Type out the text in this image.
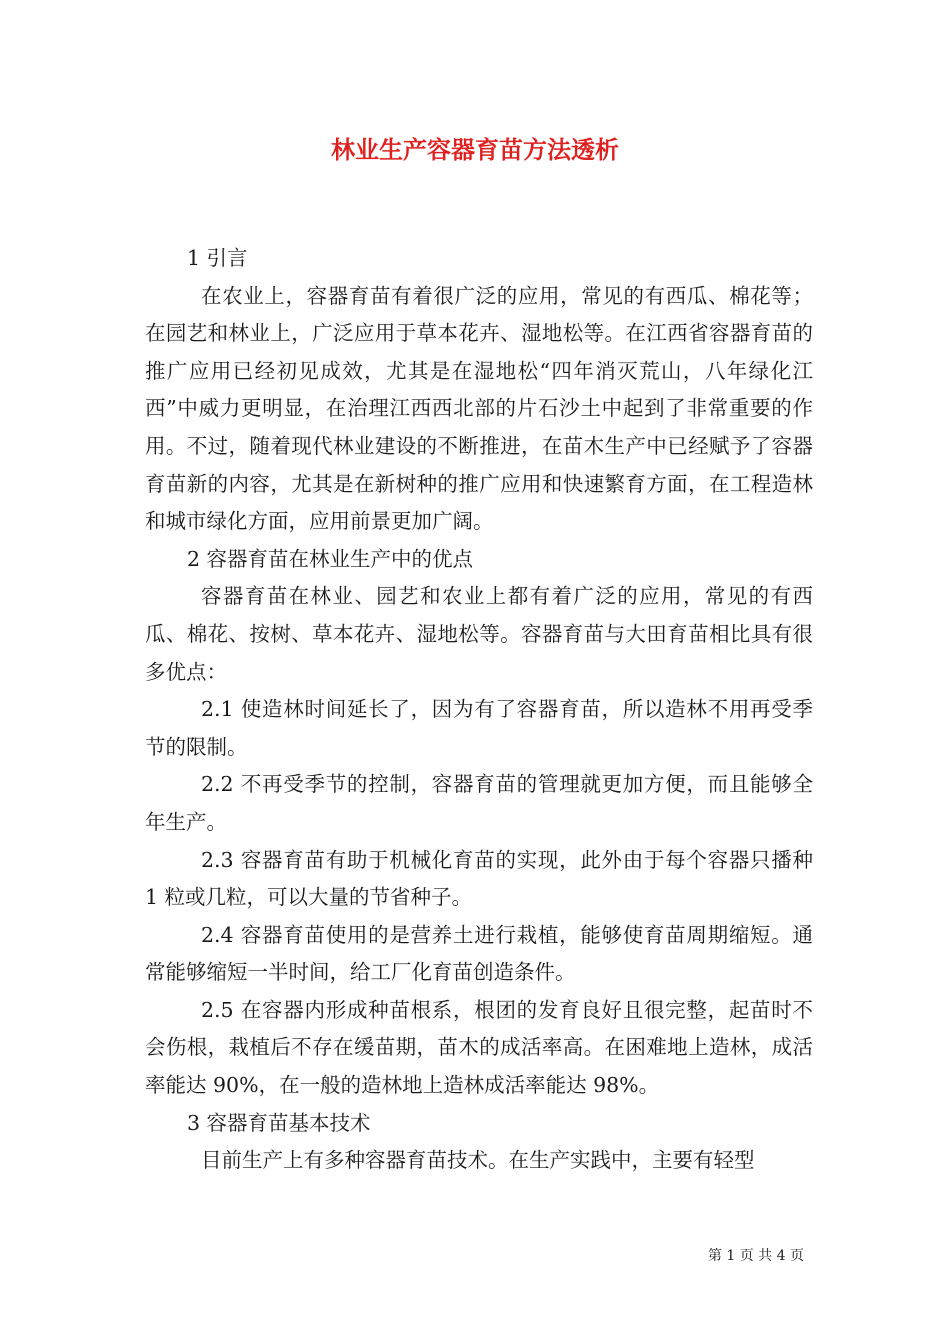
林业生产容器育苗方法透析

1 引言

在农业上，容器育苗有着很广泛的应用，常见的有西瓜、棉花等；在园艺和林业上，广泛应用于草本花卉、湿地松等。在江西省容器育苗的推广应用已经初见成效，尤其是在湿地松“四年消灭荒山，八年绿化江西”中威力更明显，在治理江西西北部的片石沙土中起到了非常重要的作用。不过，随着现代林业建设的不断推进，在苗木生产中已经赋予了容器育苗新的内容，尤其是在新树种的推广应用和快速繁育方面，在工程造林和城市绿化方面，应用前景更加广阔。

2 容器育苗在林业生产中的优点

容器育苗在林业、园艺和农业上都有着广泛的应用，常见的有西瓜、棉花、按树、草本花卉、湿地松等。容器育苗与大田育苗相比具有很多优点：

2.1 使造林时间延长了，因为有了容器育苗，所以造林不用再受季节的限制。

2.2 不再受季节的控制，容器育苗的管理就更加方便，而且能够全年生产。

2.3 容器育苗有助于机械化育苗的实现，此外由于每个容器只播种 1 粒或几粒，可以大量的节省种子。

2.4 容器育苗使用的是营养土进行栽植，能够使育苗周期缩短。通常能够缩短一半时间，给工厂化育苗创造条件。

2.5 在容器内形成种苗根系，根团的发育良好且很完整，起苗时不会伤根，栽植后不存在缓苗期，苗木的成活率高。在困难地上造林，成活率能达 90%，在一般的造林地上造林成活率能达 98%。

3 容器育苗基本技术

目前生产上有多种容器育苗技术。在生产实践中，主要有轻型

第 1 页 共 4 页
